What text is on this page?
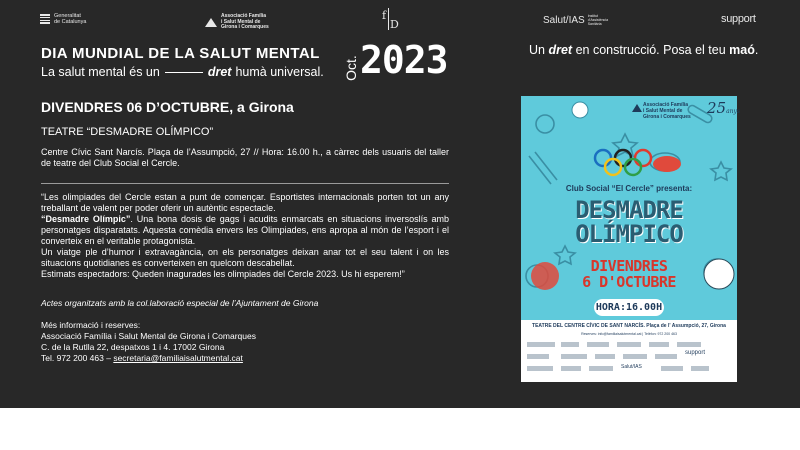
Generalitat
de Catalunya
Associació Família
i Salut Mental de
Girona i Comarques
f
D	Salut/IAS Institut
d'Assistència
Sanitària	support
DIA MUNDIAL DE LA SALUT MENTAL
La salut mental és un	dret humà universal. Oct. 2023	Un dret en construcció. Posa el teu maó.
DIVENDRES 06 D’OCTUBRE, a Girona
TEATRE “DESMADRE OLÍMPICO”
Centre Cívic Sant Narcís. Plaça de l’Assumpció, 27 // Hora: 16.00 h., a càrrec dels usuaris del taller de teatre del Club Social el Cercle.

“Les olimpiades del Cercle estan a punt de començar. Esportistes internacionals porten tot un any treballant de valent per poder oferir un autèntic espectacle.

“Desmadre Olímpic”. Una bona dosis de gags i acudits enmarcats en situacions inversoslís amb personatges disparatats. Aquesta comèdia envers les Olimpiades, ens apropa al món de l’esport i el converteix en el veritable protagonista.

Un viatge ple d’humor i extravagància, on els personatges deixan anar tot el seu talent i on les situacions quotidianes es converteixen en quelcom descabellat.

Estimats espectadors: Queden inagurades les olimpiades del Cercle 2023. Us hi esperem!”

Actes organitzats amb la col.laboració especial de l’Ajuntament de Girona
Més informació i reserves:
Associació Família i Salut Mental de Girona i Comarques
C. de la Rutlla 22, despatxos 1 i 4. 17002 Girona
Tel. 972 200 463 – secretaria@familiaisalutmental.cat
Associació Família
i Salut Mental de
Girona i Comarques	25anys
Club Social “El Cercle” presenta:
DESMADRE
OLÍMPICO
DIVENDRES
6 D'OCTUBRE
HORA:16.00H
TEATRE DEL CENTRE CÍVIC DE SANT NARCÍS. Plaça de l' Assumpció, 27, Girona
Reserves: info@familiaisalutmental.cat | Telèfon: 972 200 463
support
Salut/IAS
